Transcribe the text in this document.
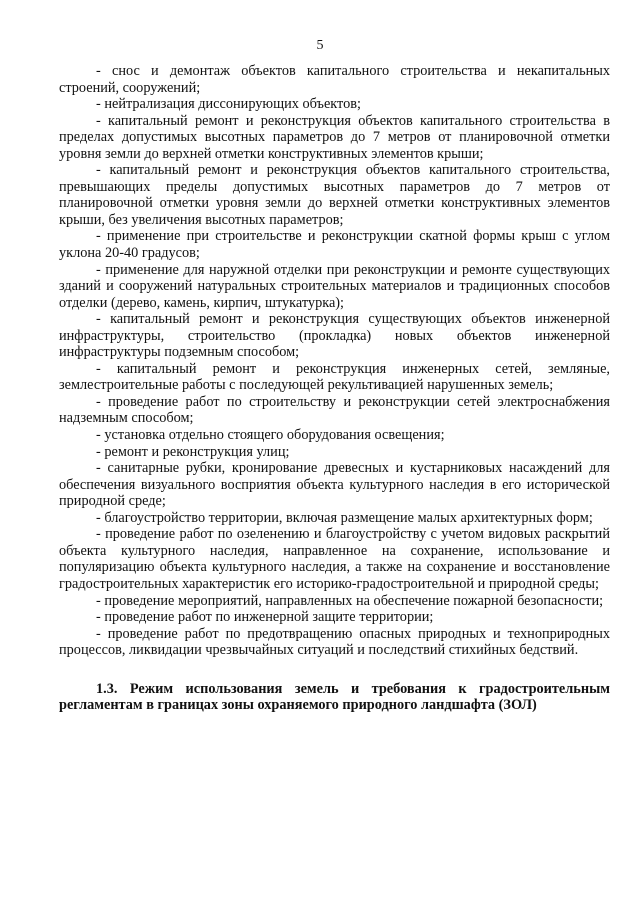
5

- снос и демонтаж объектов капитального строительства и некапитальных строений, сооружений;

- нейтрализация диссонирующих объектов;

- капитальный ремонт и реконструкция объектов капитального строительства в пределах допустимых высотных параметров до 7 метров от планировочной отметки уровня земли до верхней отметки конструктивных элементов крыши;

- капитальный ремонт и реконструкция объектов капитального строительства, превышающих пределы допустимых высотных параметров до 7 метров от планировочной отметки уровня земли до верхней отметки конструктивных элементов крыши, без увеличения высотных параметров;

- применение при строительстве и реконструкции скатной формы крыш с углом уклона 20-40 градусов;

- применение для наружной отделки при реконструкции и ремонте существующих зданий и сооружений натуральных строительных материалов и традиционных способов отделки (дерево, камень, кирпич, штукатурка);

- капитальный ремонт и реконструкция существующих объектов инженерной инфраструктуры, строительство (прокладка) новых объектов инженерной инфраструктуры подземным способом;

- капитальный ремонт и реконструкция инженерных сетей, земляные, землестроительные работы с последующей рекультивацией нарушенных земель;

- проведение работ по строительству и реконструкции сетей электроснабжения надземным способом;

- установка отдельно стоящего оборудования освещения;

- ремонт и реконструкция улиц;

- санитарные рубки, кронирование древесных и кустарниковых насаждений для обеспечения визуального восприятия объекта культурного наследия в его исторической природной среде;

- благоустройство территории, включая размещение малых архитектурных форм;

- проведение работ по озеленению и благоустройству с учетом видовых раскрытий объекта культурного наследия, направленное на сохранение, использование и популяризацию объекта культурного наследия, а также на сохранение и восстановление градостроительных характеристик его историко-градостроительной и природной среды;

- проведение мероприятий, направленных на обеспечение пожарной безопасности;

- проведение работ по инженерной защите территории;

- проведение работ по предотвращению опасных природных и техноприродных процессов, ликвидации чрезвычайных ситуаций и последствий стихийных бедствий.

1.3. Режим использования земель и требования к градостроительным регламентам в границах зоны охраняемого природного ландшафта (ЗОЛ)
